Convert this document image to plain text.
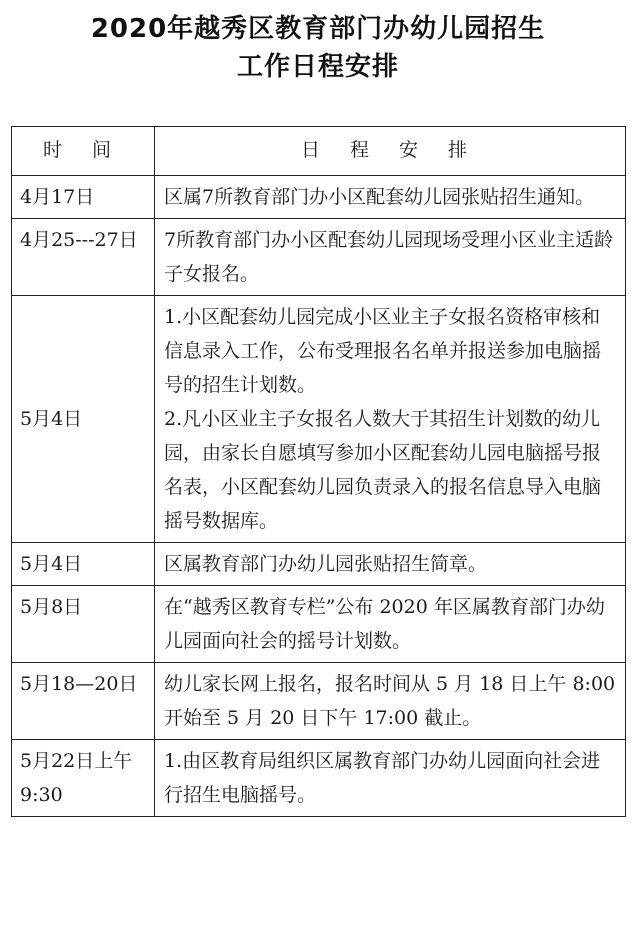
2020年越秀区教育部门办幼儿园招生
工作日程安排
时 间	日 程 安 排
4月17日	区属7所教育部门办小区配套幼儿园张贴招生通知。

4月25---27日	7所教育部门办小区配套幼儿园现场受理小区业主适龄子女报名。

5月4日	1.小区配套幼儿园完成小区业主子女报名资格审核和信息录入工作，公布受理报名名单并报送参加电脑摇号的招生计划数。
2.凡小区业主子女报名人数大于其招生计划数的幼儿园，由家长自愿填写参加小区配套幼儿园电脑摇号报名表，小区配套幼儿园负责录入的报名信息导入电脑摇号数据库。

5月4日	区属教育部门办幼儿园张贴招生简章。

5月8日	在“越秀区教育专栏”公布 2020 年区属教育部门办幼儿园面向社会的摇号计划数。

5月18—20日	幼儿家长网上报名，报名时间从 5 月 18 日上午 8:00 开始至 5 月 20 日下午 17:00 截止。

5月22日上午9:30	1.由区教育局组织区属教育部门办幼儿园面向社会进行招生电脑摇号。
